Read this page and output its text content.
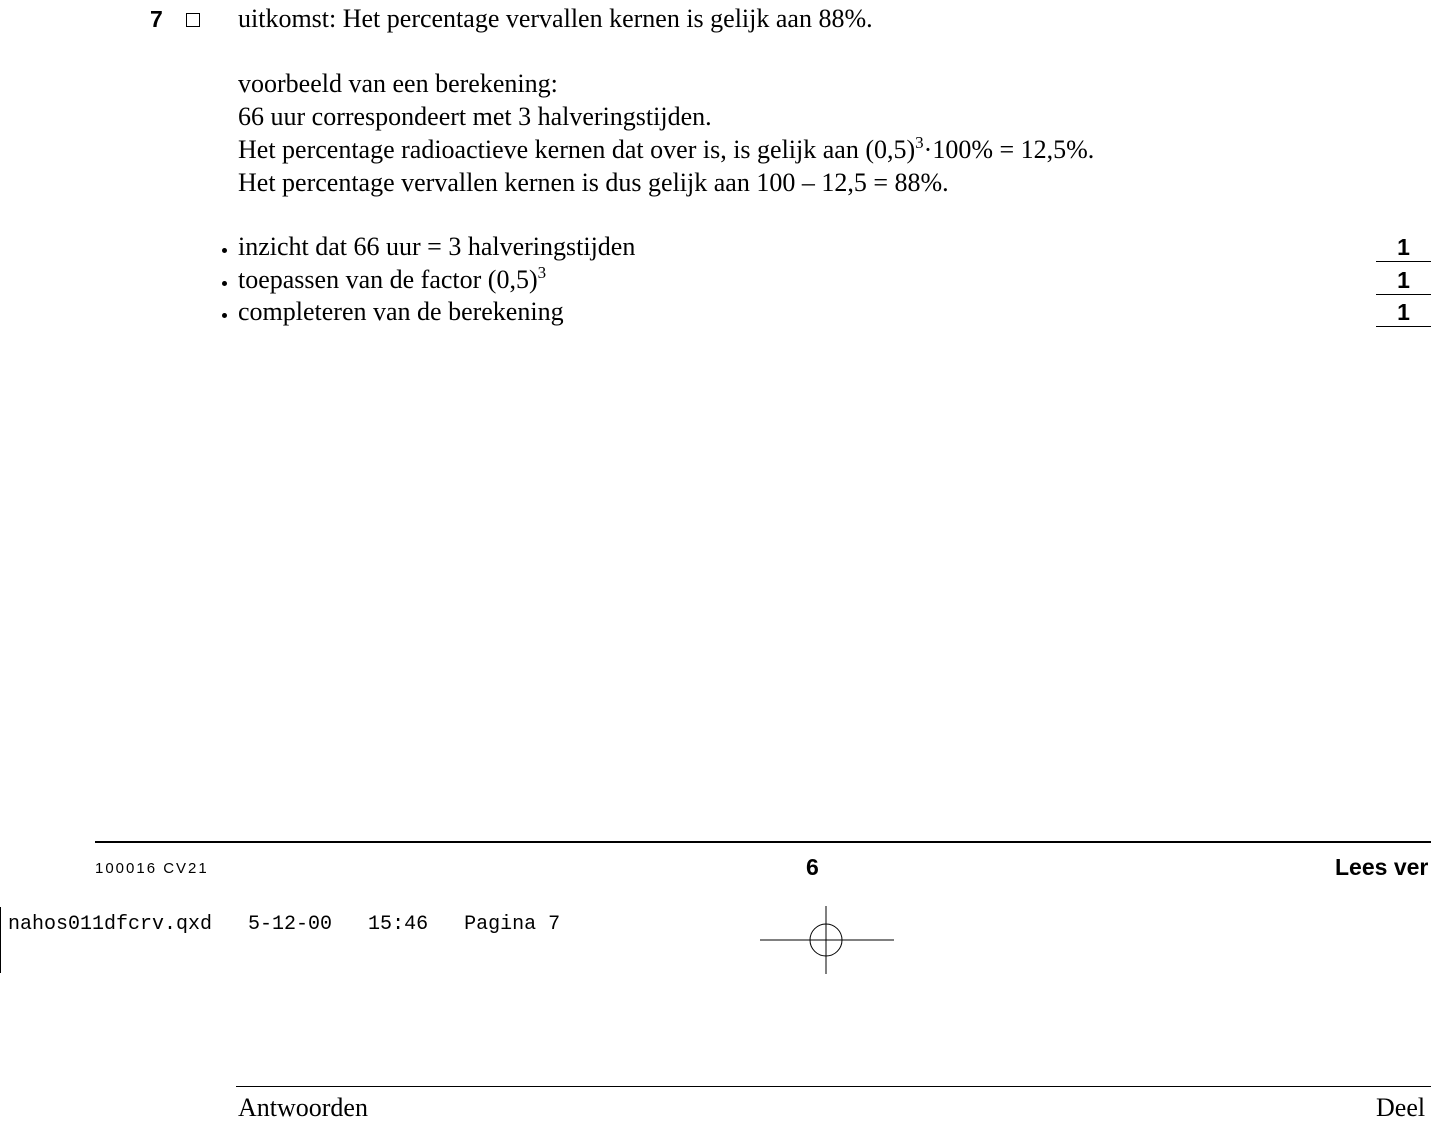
7	uitkomst: Het percentage vervallen kernen is gelijk aan 88%.
voorbeeld van een berekening:
66 uur correspondeert met 3 halveringstijden.
Het percentage radioactieve kernen dat over is, is gelijk aan $(0,5)^3\cdot 100\% = 12,5\%$.
Het percentage vervallen kernen is dus gelijk aan 100 – 12,5 = 88%.
inzicht dat 66 uur = 3 halveringstijden	1
toepassen van de factor $(0,5)^3$	1
completeren van de berekening	1
100016 CV21	6	Lees ver
nahos011dfcrv.qxd   5-12-00   15:46   Pagina 7
Antwoorden	Deel
